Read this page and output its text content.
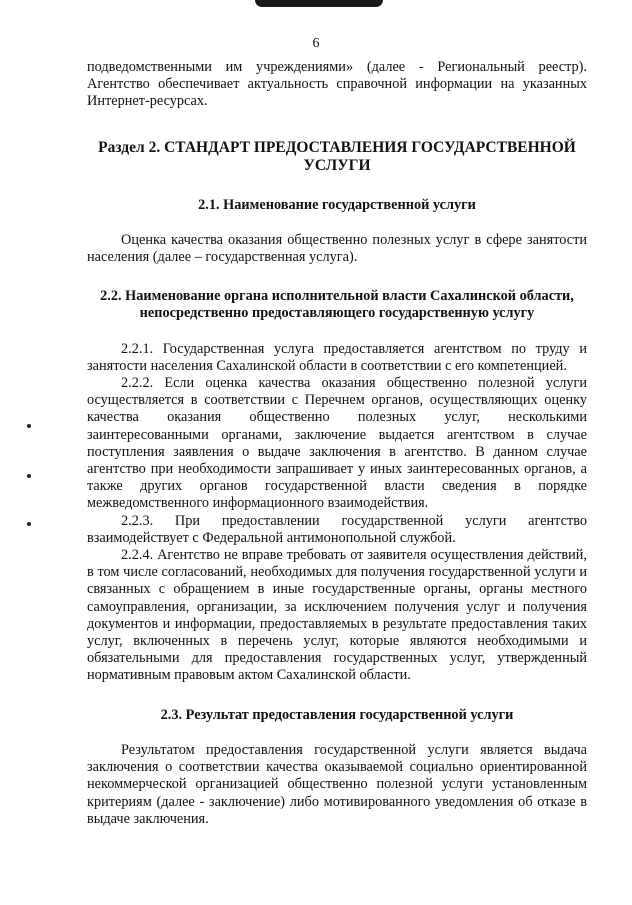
6

подведомственными им учреждениями» (далее - Региональный реестр). Агентство обеспечивает актуальность справочной информации на указанных Интернет-ресурсах.

Раздел 2. СТАНДАРТ ПРЕДОСТАВЛЕНИЯ ГОСУДАРСТВЕННОЙ УСЛУГИ
2.1. Наименование государственной услуги

Оценка качества оказания общественно полезных услуг в сфере занятости населения (далее – государственная услуга).

2.2. Наименование органа исполнительной власти Сахалинской области, непосредственно предоставляющего государственную услугу

2.2.1. Государственная услуга предоставляется агентством по труду и занятости населения Сахалинской области в соответствии с его компетенцией.

2.2.2. Если оценка качества оказания общественно полезной услуги осуществляется в соответствии с Перечнем органов, осуществляющих оценку качества оказания общественно полезных услуг, несколькими заинтересованными органами, заключение выдается агентством в случае поступления заявления о выдаче заключения в агентство. В данном случае агентство при необходимости запрашивает у иных заинтересованных органов, а также других органов государственной власти сведения в порядке межведомственного информационного взаимодействия.

2.2.3. При предоставлении государственной услуги агентство взаимодействует с Федеральной антимонопольной службой.

2.2.4. Агентство не вправе требовать от заявителя осуществления действий, в том числе согласований, необходимых для получения государственной услуги и связанных с обращением в иные государственные органы, органы местного самоуправления, организации, за исключением получения услуг и получения документов и информации, предоставляемых в результате предоставления таких услуг, включенных в перечень услуг, которые являются необходимыми и обязательными для предоставления государственных услуг, утвержденный нормативным правовым актом Сахалинской области.

2.3. Результат предоставления государственной услуги

Результатом предоставления государственной услуги является выдача заключения о соответствии качества оказываемой социально ориентированной некоммерческой организацией общественно полезной услуги установленным критериям (далее - заключение) либо мотивированного уведомления об отказе в выдаче заключения.
